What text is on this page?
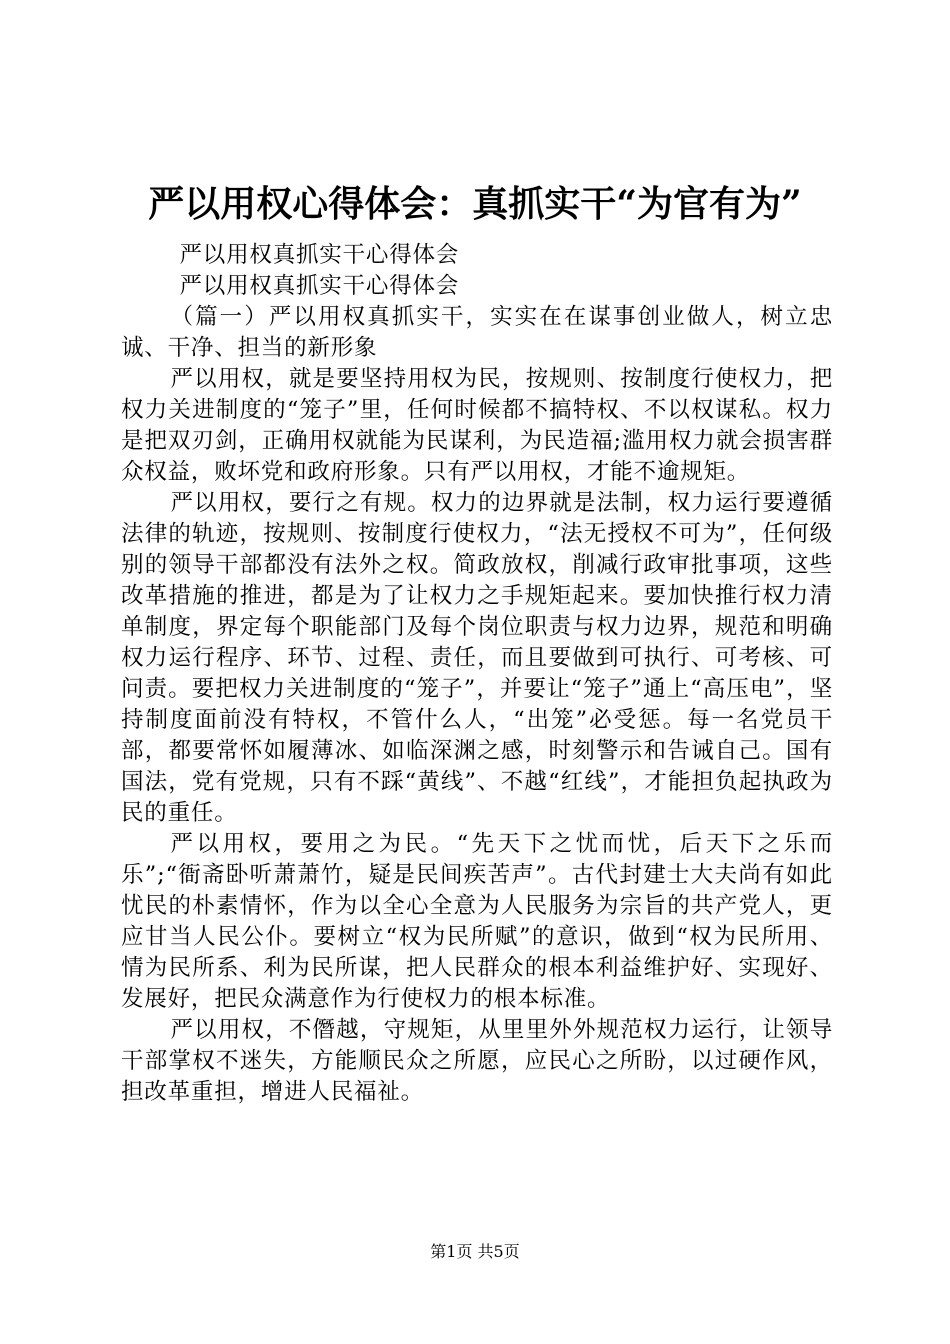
严以用权心得体会：真抓实干“为官有为”

严以用权真抓实干心得体会

严以用权真抓实干心得体会

（篇一）严以用权真抓实干，实实在在谋事创业做人，树立忠诚、干净、担当的新形象

严以用权，就是要坚持用权为民，按规则、按制度行使权力，把权力关进制度的“笼子”里，任何时候都不搞特权、不以权谋私。权力是把双刃剑，正确用权就能为民谋利，为民造福;滥用权力就会损害群众权益，败坏党和政府形象。只有严以用权，才能不逾规矩。

严以用权，要行之有规。权力的边界就是法制，权力运行要遵循法律的轨迹，按规则、按制度行使权力，“法无授权不可为”，任何级别的领导干部都没有法外之权。简政放权，削减行政审批事项，这些改革措施的推进，都是为了让权力之手规矩起来。要加快推行权力清单制度，界定每个职能部门及每个岗位职责与权力边界，规范和明确权力运行程序、环节、过程、责任，而且要做到可执行、可考核、可问责。要把权力关进制度的“笼子”，并要让“笼子”通上“高压电”，坚持制度面前没有特权，不管什么人，“出笼”必受惩。每一名党员干部，都要常怀如履薄冰、如临深渊之感，时刻警示和告诫自己。国有国法，党有党规，只有不踩“黄线”、不越“红线”，才能担负起执政为民的重任。

严以用权，要用之为民。“先天下之忧而忧，后天下之乐而乐”;“衙斋卧听萧萧竹，疑是民间疾苦声”。古代封建士大夫尚有如此忧民的朴素情怀，作为以全心全意为人民服务为宗旨的共产党人，更应甘当人民公仆。要树立“权为民所赋”的意识，做到“权为民所用、情为民所系、利为民所谋，把人民群众的根本利益维护好、实现好、发展好，把民众满意作为行使权力的根本标准。

严以用权，不僭越，守规矩，从里里外外规范权力运行，让领导干部掌权不迷失，方能顺民众之所愿，应民心之所盼，以过硬作风，担改革重担，增进人民福祉。

第1页 共5页
